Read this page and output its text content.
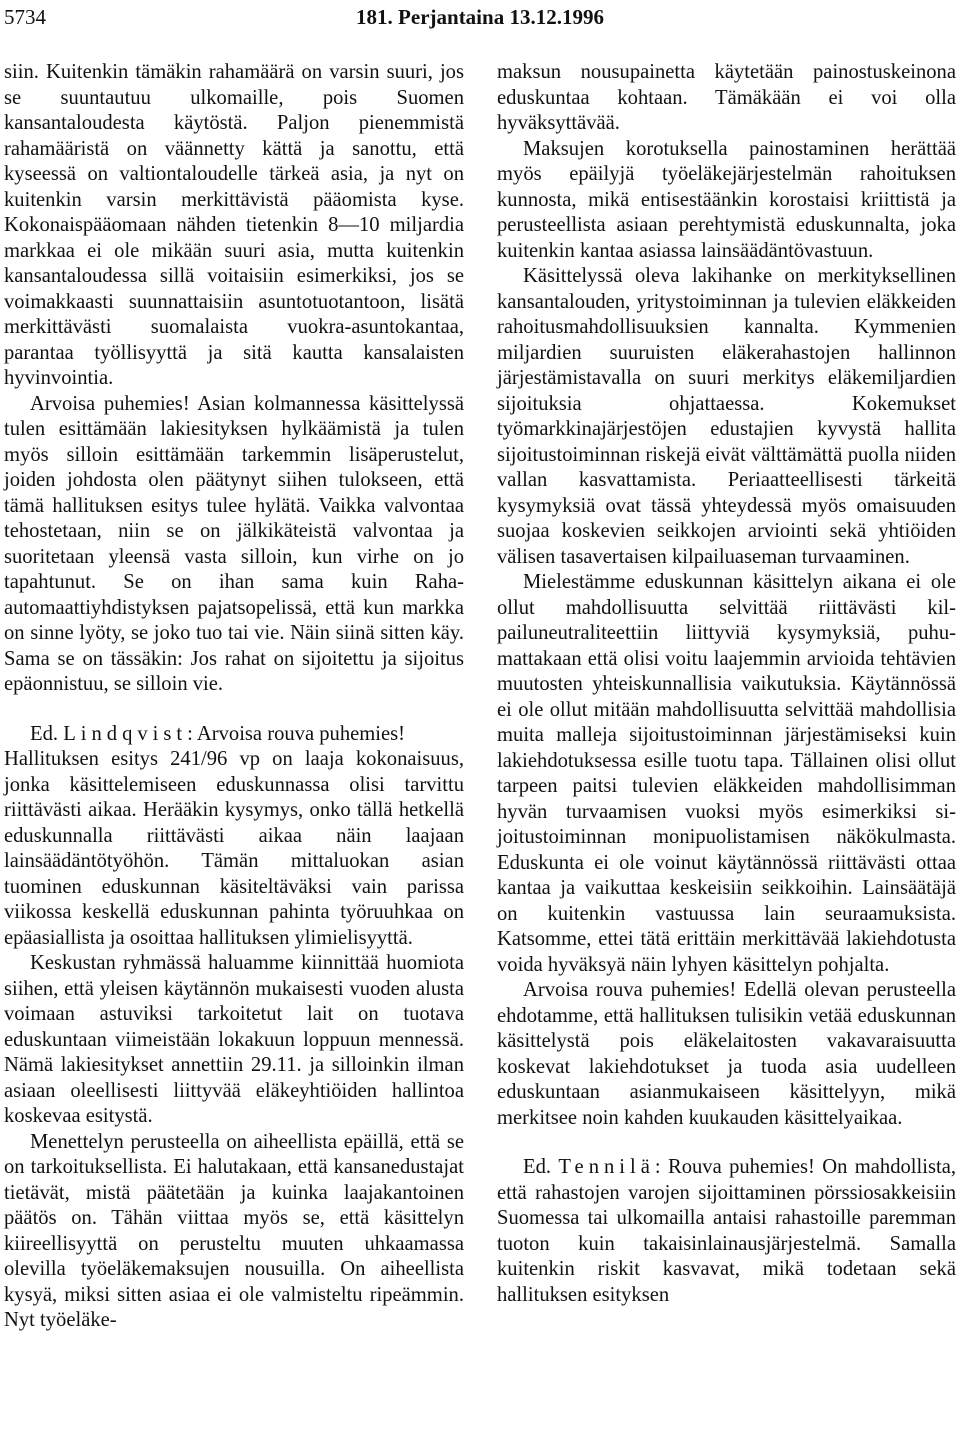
5734	181. Perjantaina 13.12.1996

siin. Kuitenkin tämäkin rahamäärä on varsin suuri, jos se suuntautuu ulkomaille, pois Suomen kansantaloudesta käytöstä. Paljon pienemmistä rahamääristä on väännetty kättä ja sanottu, että kyseessä on valtiontaloudelle tärkeä asia, ja nyt on kuitenkin varsin merkittävistä pääomista kyse. Kokonaispääomaan nähden tietenkin 8—10 miljardia markkaa ei ole mikään suuri asia, mutta kuitenkin kansantaloudessa sillä voitaisiin esimerkiksi, jos se voimakkaasti suunnattaisiin asuntotuotantoon, lisätä merkittävästi suomalaista vuokra-asuntokantaa, parantaa työllisyyttä ja sitä kautta kansalaisten hyvinvointia.

Arvoisa puhemies! Asian kolmannessa käsittelyssä tulen esittämään lakiesityksen hylkäämistä ja tulen myös silloin esittämään tarkemmin lisäperustelut, joiden johdosta olen päätynyt siihen tulokseen, että tämä hallituksen esitys tulee hylätä. Vaikka valvontaa tehostetaan, niin se on jälkikäteistä valvontaa ja suoritetaan yleensä vasta silloin, kun virhe on jo tapahtunut. Se on ihan sama kuin Raha-automaattiyhdistyksen pajatsopelissä, että kun markka on sinne lyöty, se joko tuo tai vie. Näin siinä sitten käy. Sama se on tässäkin: Jos rahat on sijoitettu ja sijoitus epäonnistuu, se silloin vie.

Ed. Lindqvist: Arvoisa rouva puhemies!

Hallituksen esitys 241/96 vp on laaja kokonaisuus, jonka käsittelemiseen eduskunnassa olisi tarvittu riittävästi aikaa. Herääkin kysymys, onko tällä hetkellä eduskunnalla riittävästi aikaa näin laajaan lainsäädäntötyöhön. Tämän mittaluokan asian tuominen eduskunnan käsiteltäväksi vain parissa viikossa keskellä eduskunnan pahinta työruuhkaa on epäasiallista ja osoittaa hallituksen ylimielisyyttä.

Keskustan ryhmässä haluamme kiinnittää huomiota siihen, että yleisen käytännön mukaisesti vuoden alusta voimaan astuviksi tarkoitetut lait on tuotava eduskuntaan viimeistään lokakuun loppuun mennessä. Nämä lakiesitykset annettiin 29.11. ja silloinkin ilman asiaan oleellisesti liittyvää eläkeyhtiöiden hallintoa koskevaa esitystä.

Menettelyn perusteella on aiheellista epäillä, että se on tarkoituksellista. Ei halutakaan, että kansanedustajat tietävät, mistä päätetään ja kuinka laajakantoinen päätös on. Tähän viittaa myös se, että käsittelyn kiireellisyyttä on perusteltu muuten uhkaamassa olevilla työeläkemaksujen nousuilla. On aiheellista kysyä, miksi sitten asiaa ei ole valmisteltu ripeämmin. Nyt työeläke-

maksun nousupainetta käytetään painostuskeinona eduskuntaa kohtaan. Tämäkään ei voi olla hyväksyttävää.

Maksujen korotuksella painostaminen herättää myös epäilyjä työeläkejärjestelmän rahoituksen kunnosta, mikä entisestäänkin korostaisi kriittistä ja perusteellista asiaan perehtymistä eduskunnalta, joka kuitenkin kantaa asiassa lainsäädäntövastuun.

Käsittelyssä oleva lakihanke on merkityksellinen kansantalouden, yritystoiminnan ja tulevien eläkkeiden rahoitusmahdollisuuksien kannalta. Kymmenien miljardien suuruisten eläkerahastojen hallinnon järjestämistavalla on suuri merkitys eläkemiljardien sijoituksia ohjattaessa. Kokemukset työmarkkinajärjestöjen edustajien kyvystä hallita sijoitustoiminnan riskejä eivät välttämättä puolla niiden vallan kasvattamista. Periaatteellisesti tärkeitä kysymyksiä ovat tässä yhteydessä myös omaisuuden suojaa koskevien seikkojen arviointi sekä yhtiöiden välisen tasavertaisen kilpailuaseman turvaaminen.

Mielestämme eduskunnan käsittelyn aikana ei ole ollut mahdollisuutta selvittää riittävästi kilpailuneutraliteettiin liittyviä kysymyksiä, puhumattakaan että olisi voitu laajemmin arvioida tehtävien muutosten yhteiskunnallisia vaikutuksia. Käytännössä ei ole ollut mitään mahdollisuutta selvittää mahdollisia muita malleja sijoitustoiminnan järjestämiseksi kuin lakiehdotuksessa esille tuotu tapa. Tällainen olisi ollut tarpeen paitsi tulevien eläkkeiden mahdollisimman hyvän turvaamisen vuoksi myös esimerkiksi sijoitustoiminnan monipuolistamisen näkökulmasta. Eduskunta ei ole voinut käytännössä riittävästi ottaa kantaa ja vaikuttaa keskeisiin seikkoihin. Lainsäätäjä on kuitenkin vastuussa lain seuraamuksista. Katsomme, ettei tätä erittäin merkittävää lakiehdotusta voida hyväksyä näin lyhyen käsittelyn pohjalta.

Arvoisa rouva puhemies! Edellä olevan perusteella ehdotamme, että hallituksen tulisikin vetää eduskunnan käsittelystä pois eläkelaitosten vakavaraisuutta koskevat lakiehdotukset ja tuoda asia uudelleen eduskuntaan asianmukaiseen käsittelyyn, mikä merkitsee noin kahden kuukauden käsittelyaikaa.

Ed. Tennilä: Rouva puhemies! On mahdollista, että rahastojen varojen sijoittaminen pörssiosakkeisiin Suomessa tai ulkomailla antaisi rahastoille paremman tuoton kuin takaisinlainausjärjestelmä. Samalla kuitenkin riskit kasvavat, mikä todetaan sekä hallituksen esityksen
